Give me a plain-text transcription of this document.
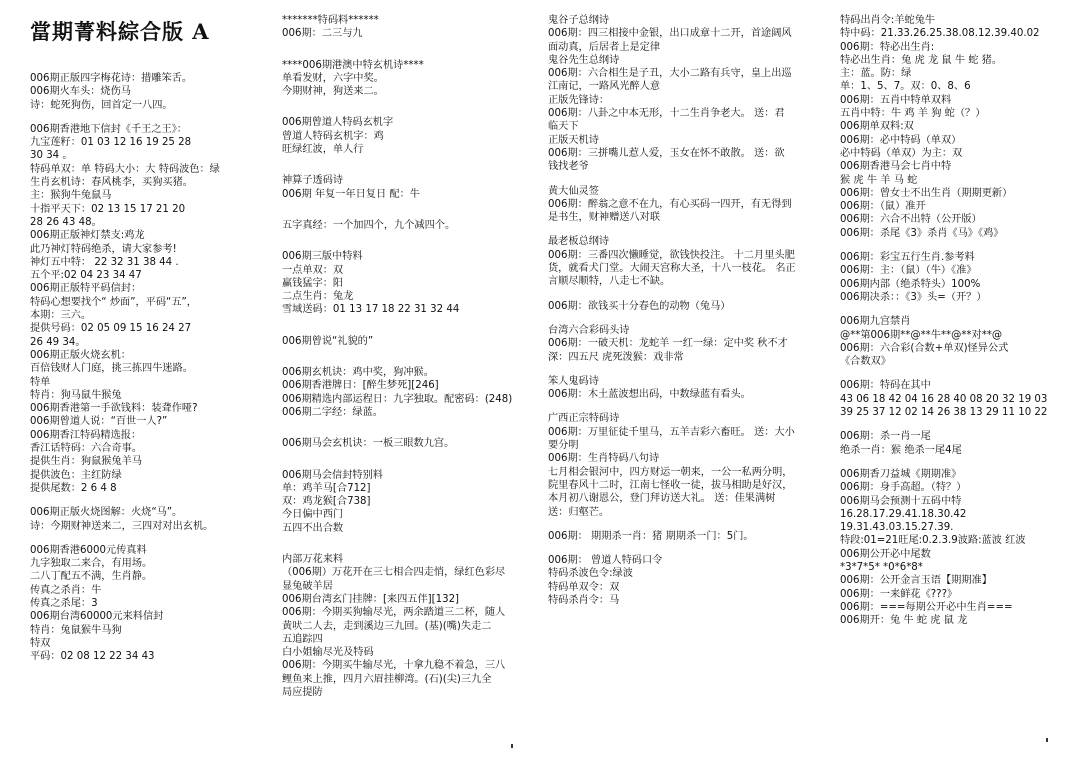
當期菁料綜合版 A
006期正版四字梅花诗：措雕笨舌。
006期火车头：烧伤马
诗：蛇死狗伤，回首定一八四。
006期香港地下信封《千王之王》：
九宝莲籽：01 03 12 16 19 25 28
30 34 。
特码单双：单 特码大小：大 特码波色：绿
生肖玄机诗：春风桃李，买狗买猪。
主：猴狗牛兔鼠马
十指平天下：02 13 15 17 21 20
28 26 43 48。
006期正版神灯禁支:鸡龙
此乃神灯特码绝杀，请大家参考!
神灯五中特： 22 32 31 38 44 .
五个平:02 04 23 34 47
006期正版特平码信封：
特码心想要找个“ 炒面”，平码“五”，
本期：三六。
提供号码：02 05 09 15 16 24 27
26 49 34。
006期正版火烧玄机：
百倍钱财人门庭，挑三拣四牛迷路。
特单
特肖：狗马鼠牛猴兔
006期香港第一手欲钱料：装聋作哑?
006期曾道人说：“百世一人?”
006期香江特码精选报：
香江话特码：六合奇事。
提供生肖：狗鼠猴兔羊马
提供波色：主红防绿
提供尾数：2 6 4 8
006期正版火烧图解：火烧“马”。
诗：今期财神送来二，三四对对出玄机。
006期香港6000元传真料
九字独取二来合，有用场。
二八丁配五不满，生肖静。
传真之杀肖：牛
传真之杀尾：3
006期台湾60000元来料信封
特肖：兔鼠猴牛马狗
特双
平码：02 08 12 22 34 43
*******特码料******
006期：二三与九
****006期港澳中特玄机诗****
单看发财，六字中奖。
今期财神，狗送来二。
006期曾道人特码玄机字
曾道人特码玄机字：鸡
旺绿红波，单人行
神算子透码诗
006期 年复一年日复日 配：牛
五字真经：一个加四个，九个减四个。
006期三版中特料
一点单双：双
赢钱猛字：阳
二点生肖：兔龙
雪域送码：01 13 17 18 22 31 32 44
006期曾说“礼貌的”
006期玄机诀：鸡中奖，狗冲猴。
006期香港牌日：[醉生梦死][246]
006期精选内部运程日：九字独取。配密码：(248)
006期二字经：绿蓝。
006期马会玄机诀：一板三眼数九宫。
006期马会信封特别料
单：鸡羊马[合712]
双：鸡龙猴[合738]
今日偏中西门
五四不出合数
内部万花来料
（006期）万花开在三七相合四走悄，绿红色彩尽
显兔破羊居
006期台湾玄门挂牌：[来四五伴][132]
006期：今期买狗输尽光，两余踏道三二杯，随人
黄吠二人去，走到溪边三九回。(基)(嘴)失走二
五追踪四
白小姐输尽光及特码
006期：今期买牛输尽光，十拿九稳不着急，三八
鲤鱼来上推，四月六眉挂柳湾。(石)(尖)三九全
局应提防
鬼谷子总纲诗
006期：四三相接中金银，出口成章十二开，首途阔风
面动真，后居者上是定律
鬼谷先生总纲诗
006期：六合相生是子丑，大小二路有兵守，皇上出巡
江南记，一路风光醉人意
正版先锋诗：
006期：八卦之中本无形，十二生肖争老大。 送：君
临天下
正版天机诗
006期：三拼嘴儿惹人爱，玉女在怀不敢散。 送：欲
钱找老爷
黄大仙灵签
006期：醉翁之意不在九，有心买码一四开，有无得到
是书生，财神赠送八对联
最老板总纲诗
006期：三番四次懒睡觉，欲钱快投注。 十二月里头肥
货，就看犬门堂。大闹天宫称大圣，十八一枝花。 名正
言顺尽顺特，八走七不缺。
006期：欲钱买十分春色的动物（兔马）
台湾六合彩码头诗
006期：一破天机：龙蛇羊 一红一绿：定中奖 秋不才
深：四五尺 虎死泼猴：戏非常
笨人鬼码诗
006期：木土蓝波想出码，中数绿蓝有看头。
广西正宗特码诗
006期：万里征徒千里马，五羊吉彩六畜旺。 送：大小
要分明
006期：生肖特码八句诗
七月相会银河中，四方财运一朝来，一公一私两分明，
院里春风十二时，江南七怪收一徒，拔马相助是好汉，
本月初八谢恩公，登门拜访送大礼。 送：佳果满树
送：归壑芒。
006期： 期期杀一肖：猪 期期杀一门：5门。
006期： 曾道人特码口令
特码杀波色令:绿波
特码单双令：双
特码杀肖令：马
特码出肖令:羊蛇兔牛
特中码：21.33.26.25.38.08.12.39.40.02
006期：特必出生肖:
特必出生肖：兔 虎 龙 鼠 牛 蛇 猪。
主：蓝。防：绿
单：1、5、7。双：0、8、6
006期：五肖中特单双料
五肖中特：牛 鸡 羊 狗 蛇（？）
006期单双料:双
006期：必中特码（单双）
必中特码（单双）为主：双
006期香港马会七肖中特
猴 虎 牛 羊 马 蛇
006期：曾女士不出生肖（期期更新）
006期：（鼠）准开
006期：六合不出特（公开版）
006期：杀尾《3》杀肖《马》《鸡》
006期：彩宝五行生肖.参考料
006期：主：（鼠）（牛）《准》
006期内部（绝杀特头）100%
006期决杀：：《3》头=（开？）
006期九宫禁肖
@**第006期**@**牛**@**对**@
006期：六合彩(合数+单双)怪异公式
《合数双》
006期：特码在其中
43 06 18 42 04 16 28 40 08 20 32 19 03
39 25 37 12 02 14 26 38 13 29 11 10 22
006期：杀一肖一尾
绝杀一肖：猴 绝杀一尾4尾
006期香刀益城《期期准》
006期：身手高超。（特？）
006期马会预测十五码中特
16.28.17.29.41.18.30.42
19.31.43.03.15.27.39.
特段:01=21旺尾:0.2.3.9波路:蓝波 红波
006期公开必中尾数
*3*7*5* *0*6*8*
006期：公开金言玉语【期期准】
006期：一来鲜花《???》
006期：===每期公开必中生肖===
006期开：兔 牛 蛇 虎 鼠 龙
